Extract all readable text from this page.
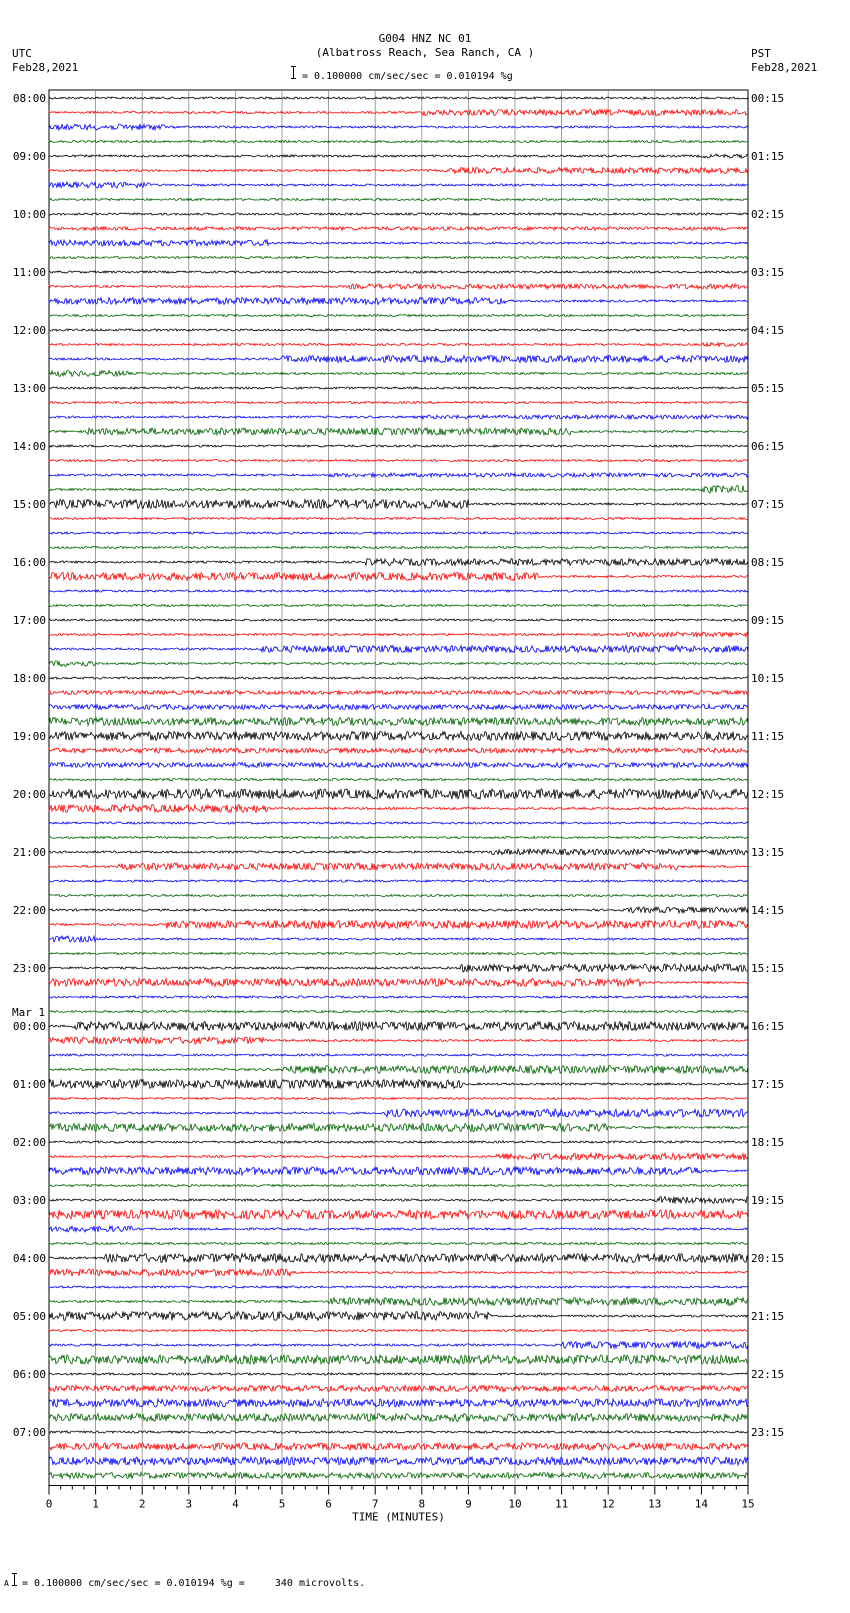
G004 HNZ NC 01
(Albatross Reach, Sea Ranch, CA )
= 0.100000 cm/sec/sec = 0.010194 %g
UTC
Feb28,2021
PST
Feb28,2021
0	1	2	3	4	5	6	7	8	9	10	11	12	13	14	15
TIME (MINUTES)
08:00	00:15
09:00	01:15
10:00	02:15
11:00	03:15
12:00	04:15
13:00	05:15
14:00	06:15
15:00	07:15
16:00	08:15
17:00	09:15
18:00	10:15
19:00	11:15
20:00	12:15
21:00	13:15
22:00	14:15
23:00	15:15
00:00	16:15
Mar 1
01:00	17:15
02:00	18:15
03:00	19:15
04:00	20:15
05:00	21:15
06:00	22:15
07:00	23:15
A = 0.100000 cm/sec/sec = 0.010194 %g =     340 microvolts.
